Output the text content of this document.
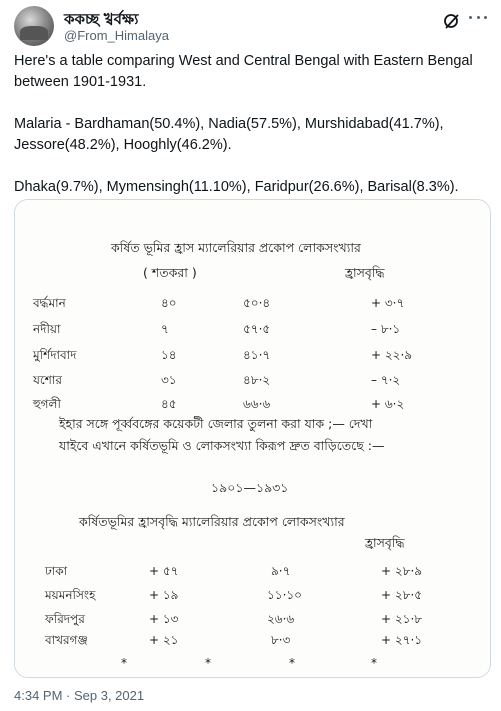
ককচ্ছ খ্বৰ্বক্ষ্য
@From_Himalaya

Here's a table comparing West and Central Bengal with Eastern Bengal between 1901-1931.

Malaria - Bardhaman(50.4%), Nadia(57.5%), Murshidabad(41.7%), Jessore(48.2%), Hooghly(46.2%).

Dhaka(9.7%), Mymensingh(11.10%), Faridpur(26.6%), Barisal(8.3%).

কর্ষিত ভূমির হ্রাস ম্যালেরিয়ার প্রকোপ লোকসংখ্যার
( শতকরা )	হ্রাসবৃদ্ধি
বৰ্দ্ধমান	৪০	৫০·৪	+ ৩·৭
নদীয়া	৭	৫৭·৫	– ৮·১
মুর্শিদাবাদ	১৪	৪১·৭	+ ২২·৯
যশোর	৩১	৪৮·২	– ৭·২
হুগলী	৪৫	৬৬·৬	+ ৬·২
ইহার সঙ্গে পূর্ব্ববঙ্গের কয়েকটী জেলার তুলনা করা যাক ;— দেখা
যাইবে এখানে কর্ষিতভূমি ও লোকসংখ্যা কিরূপ দ্রুত বাড়িতেছে :—
১৯০১—১৯৩১
কর্ষিতভূমির হ্রাসবৃদ্ধি ম্যালেরিয়ার প্রকোপ লোকসংখ্যার
হ্রাসবৃদ্ধি
ঢাকা	+ ৫৭	৯·৭	+ ২৮·৯
ময়মনসিংহ	+ ১৯	১১·১০	+ ২৮·৫
ফরিদপুর	+ ১৩	২৬·৬	+ ২১·৮
বাখরগঞ্জ	+ ২১	৮·৩	+ ২৭·১
*	*	*	*
4:34 PM · Sep 3, 2021
